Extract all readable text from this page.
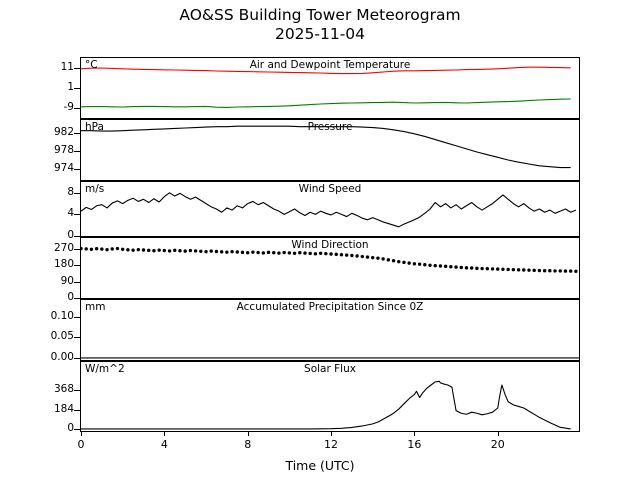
AO&SS Building Tower Meteorogram
2025-11-04
°C	Air and Dewpoint Temperature
hPa	Pressure
m/s	Wind Speed
Wind Direction
mm	Accumulated Precipitation Since 0Z
W/m^2	Solar Flux
-9
1
11
974
978
982
0
4
8
0
90
180
270
0.00
0.05
0.10
0
184
368
0	4	8	12	16	20
Time (UTC)
